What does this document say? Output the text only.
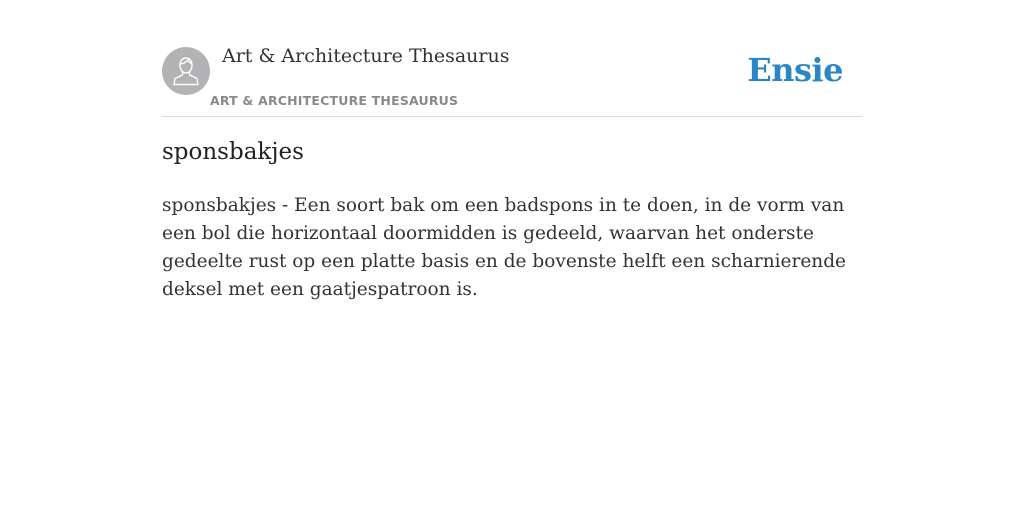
Art & Architecture Thesaurus
ART & ARCHITECTURE THESAURUS
Ensie
sponsbakjes

sponsbakjes - Een soort bak om een badspons in te doen, in de vorm van een bol die horizontaal doormidden is gedeeld, waarvan het onderste gedeelte rust op een platte basis en de bovenste helft een scharnierende deksel met een gaatjespatroon is.
